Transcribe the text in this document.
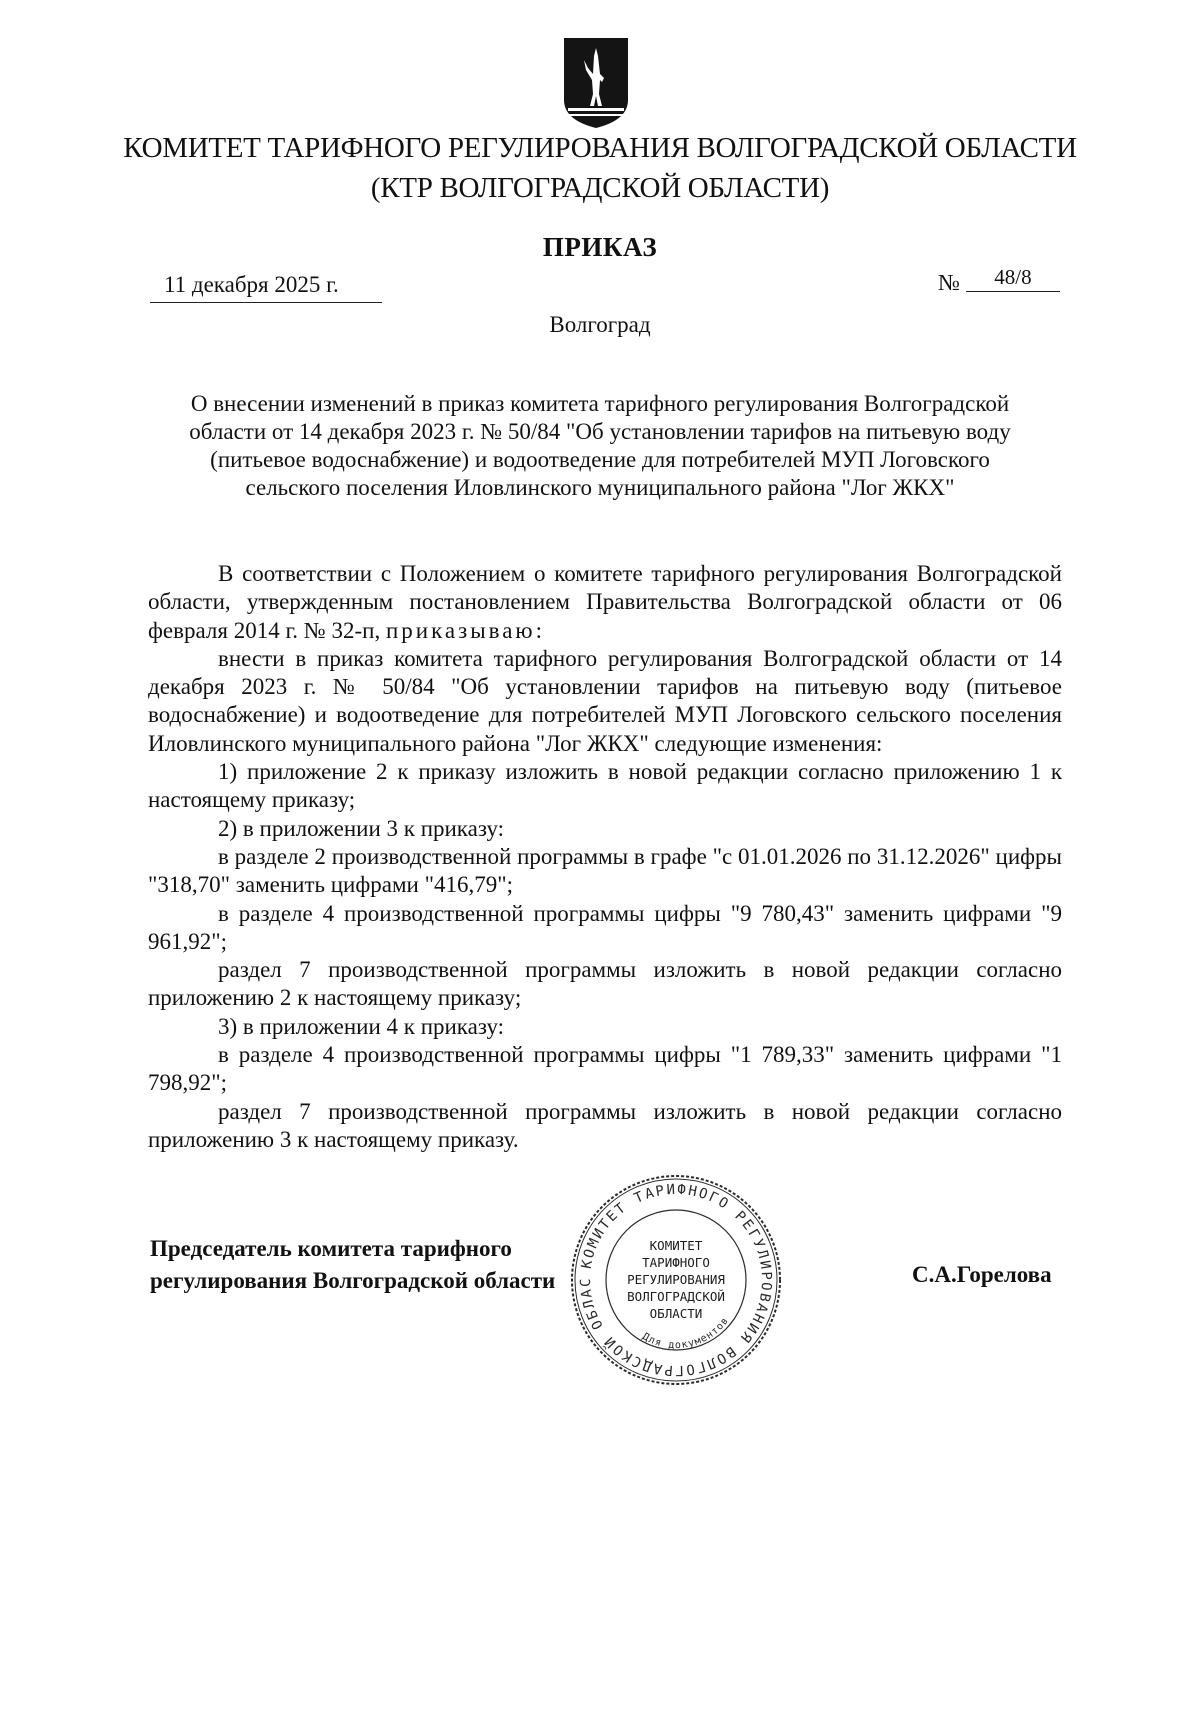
КОМИТЕТ ТАРИФНОГО РЕГУЛИРОВАНИЯ ВОЛГОГРАДСКОЙ ОБЛАСТИ
(КТР ВОЛГОГРАДСКОЙ ОБЛАСТИ)
ПРИКАЗ
11 декабря 2025 г.	№ 48/8
Волгоград
О внесении изменений в приказ комитета тарифного регулирования Волгоградской области от 14 декабря 2023 г. № 50/84 "Об установлении тарифов на питьевую воду (питьевое водоснабжение) и водоотведение для потребителей МУП Логовского сельского поселения Иловлинского муниципального района "Лог ЖКХ"

В соответствии с Положением о комитете тарифного регулирования Волгоградской области, утвержденным постановлением Правительства Волгоградской области от 06 февраля 2014 г. № 32-п, приказываю:

внести в приказ комитета тарифного регулирования Волгоградской области от 14 декабря 2023 г. № 50/84 "Об установлении тарифов на питьевую воду (питьевое водоснабжение) и водоотведение для потребителей МУП Логовского сельского поселения Иловлинского муниципального района "Лог ЖКХ" следующие изменения:

1) приложение 2 к приказу изложить в новой редакции согласно приложению 1 к настоящему приказу;

2) в приложении 3 к приказу:

в разделе 2 производственной программы в графе "с 01.01.2026 по 31.12.2026" цифры "318,70" заменить цифрами "416,79";

в разделе 4 производственной программы цифры "9 780,43" заменить цифрами "9 961,92";

раздел 7 производственной программы изложить в новой редакции согласно приложению 2 к настоящему приказу;

3) в приложении 4 к приказу:

в разделе 4 производственной программы цифры "1 789,33" заменить цифрами "1 798,92";

раздел 7 производственной программы изложить в новой редакции согласно приложению 3 к настоящему приказу.

Председатель комитета тарифного
регулирования Волгоградской области
КОМИТЕТ ТАРИФНОГО РЕГУЛИРОВАНИЯ ВОЛГОГРАДСКОЙ ОБЛАС
Для документов
КОМИТЕТ
ТАРИФНОГО
РЕГУЛИРОВАНИЯ
ВОЛГОГРАДСКОЙ
ОБЛАСТИ
С.А.Горелова
